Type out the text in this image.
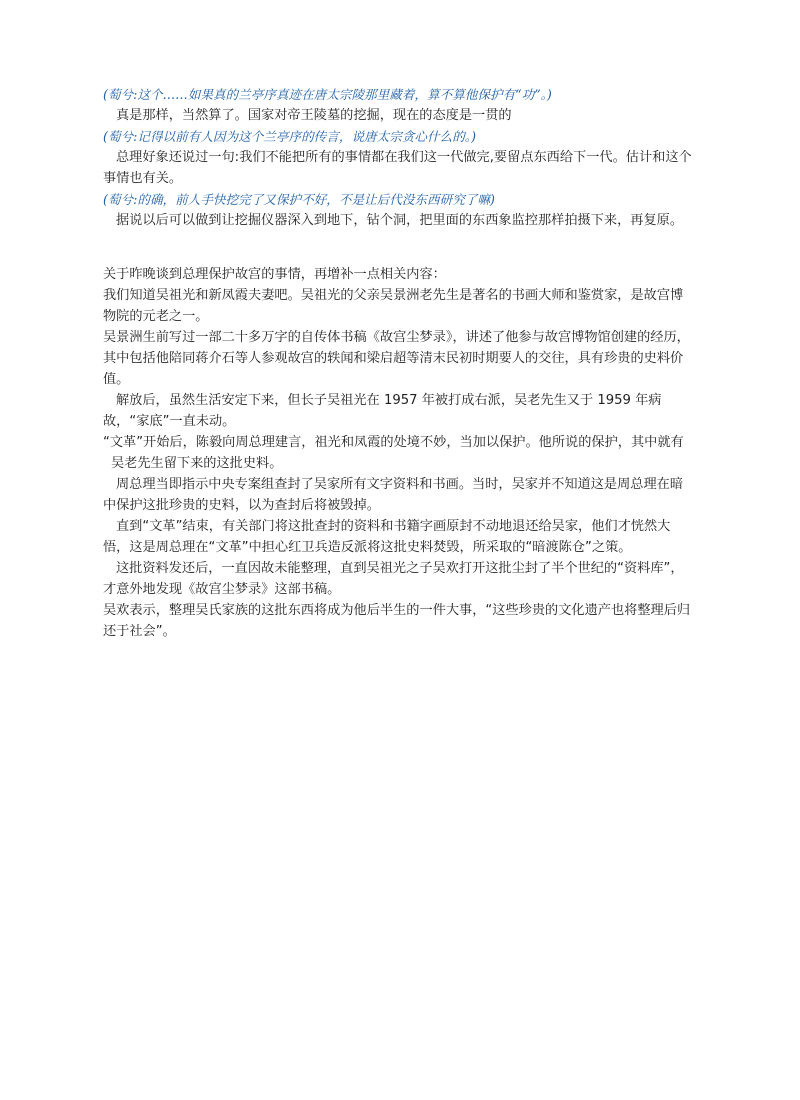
(萄兮:这个……如果真的兰亭序真迹在唐太宗陵那里藏着，算不算他保护有“功”。)

真是那样，当然算了。国家对帝王陵墓的挖掘，现在的态度是一贯的

(萄兮:记得以前有人因为这个兰亭序的传言，说唐太宗贪心什么的。)

总理好象还说过一句:我们不能把所有的事情都在我们这一代做完,要留点东西给下一代。估计和这个事情也有关。

(萄兮:的确，前人手快挖完了又保护不好，不是让后代没东西研究了嘛)

据说以后可以做到让挖掘仪器深入到地下，钻个洞，把里面的东西象监控那样拍摄下来，再复原。

关于昨晚谈到总理保护故宫的事情，再增补一点相关内容：

我们知道吴祖光和新凤霞夫妻吧。吴祖光的父亲吴景洲老先生是著名的书画大师和鉴赏家，是故宫博物院的元老之一。

吴景洲生前写过一部二十多万字的自传体书稿《故宫尘梦录》，讲述了他参与故宫博物馆创建的经历，其中包括他陪同蒋介石等人参观故宫的轶闻和梁启超等清末民初时期要人的交往，具有珍贵的史料价值。

解放后，虽然生活安定下来，但长子吴祖光在 1957 年被打成右派，吴老先生又于 1959 年病故，“家底”一直未动。

“文革”开始后，陈毅向周总理建言，祖光和凤霞的处境不妙，当加以保护。他所说的保护，其中就有吴老先生留下来的这批史料。

周总理当即指示中央专案组查封了吴家所有文字资料和书画。当时，吴家并不知道这是周总理在暗中保护这批珍贵的史料，以为查封后将被毁掉。

直到“文革”结束，有关部门将这批查封的资料和书籍字画原封不动地退还给吴家，他们才恍然大悟，这是周总理在“文革”中担心红卫兵造反派将这批史料焚毁，所采取的“暗渡陈仓”之策。

这批资料发还后，一直因故未能整理，直到吴祖光之子吴欢打开这批尘封了半个世纪的“资料库”，才意外地发现《故宫尘梦录》这部书稿。

吴欢表示，整理吴氏家族的这批东西将成为他后半生的一件大事，“这些珍贵的文化遗产也将整理后归还于社会”。
